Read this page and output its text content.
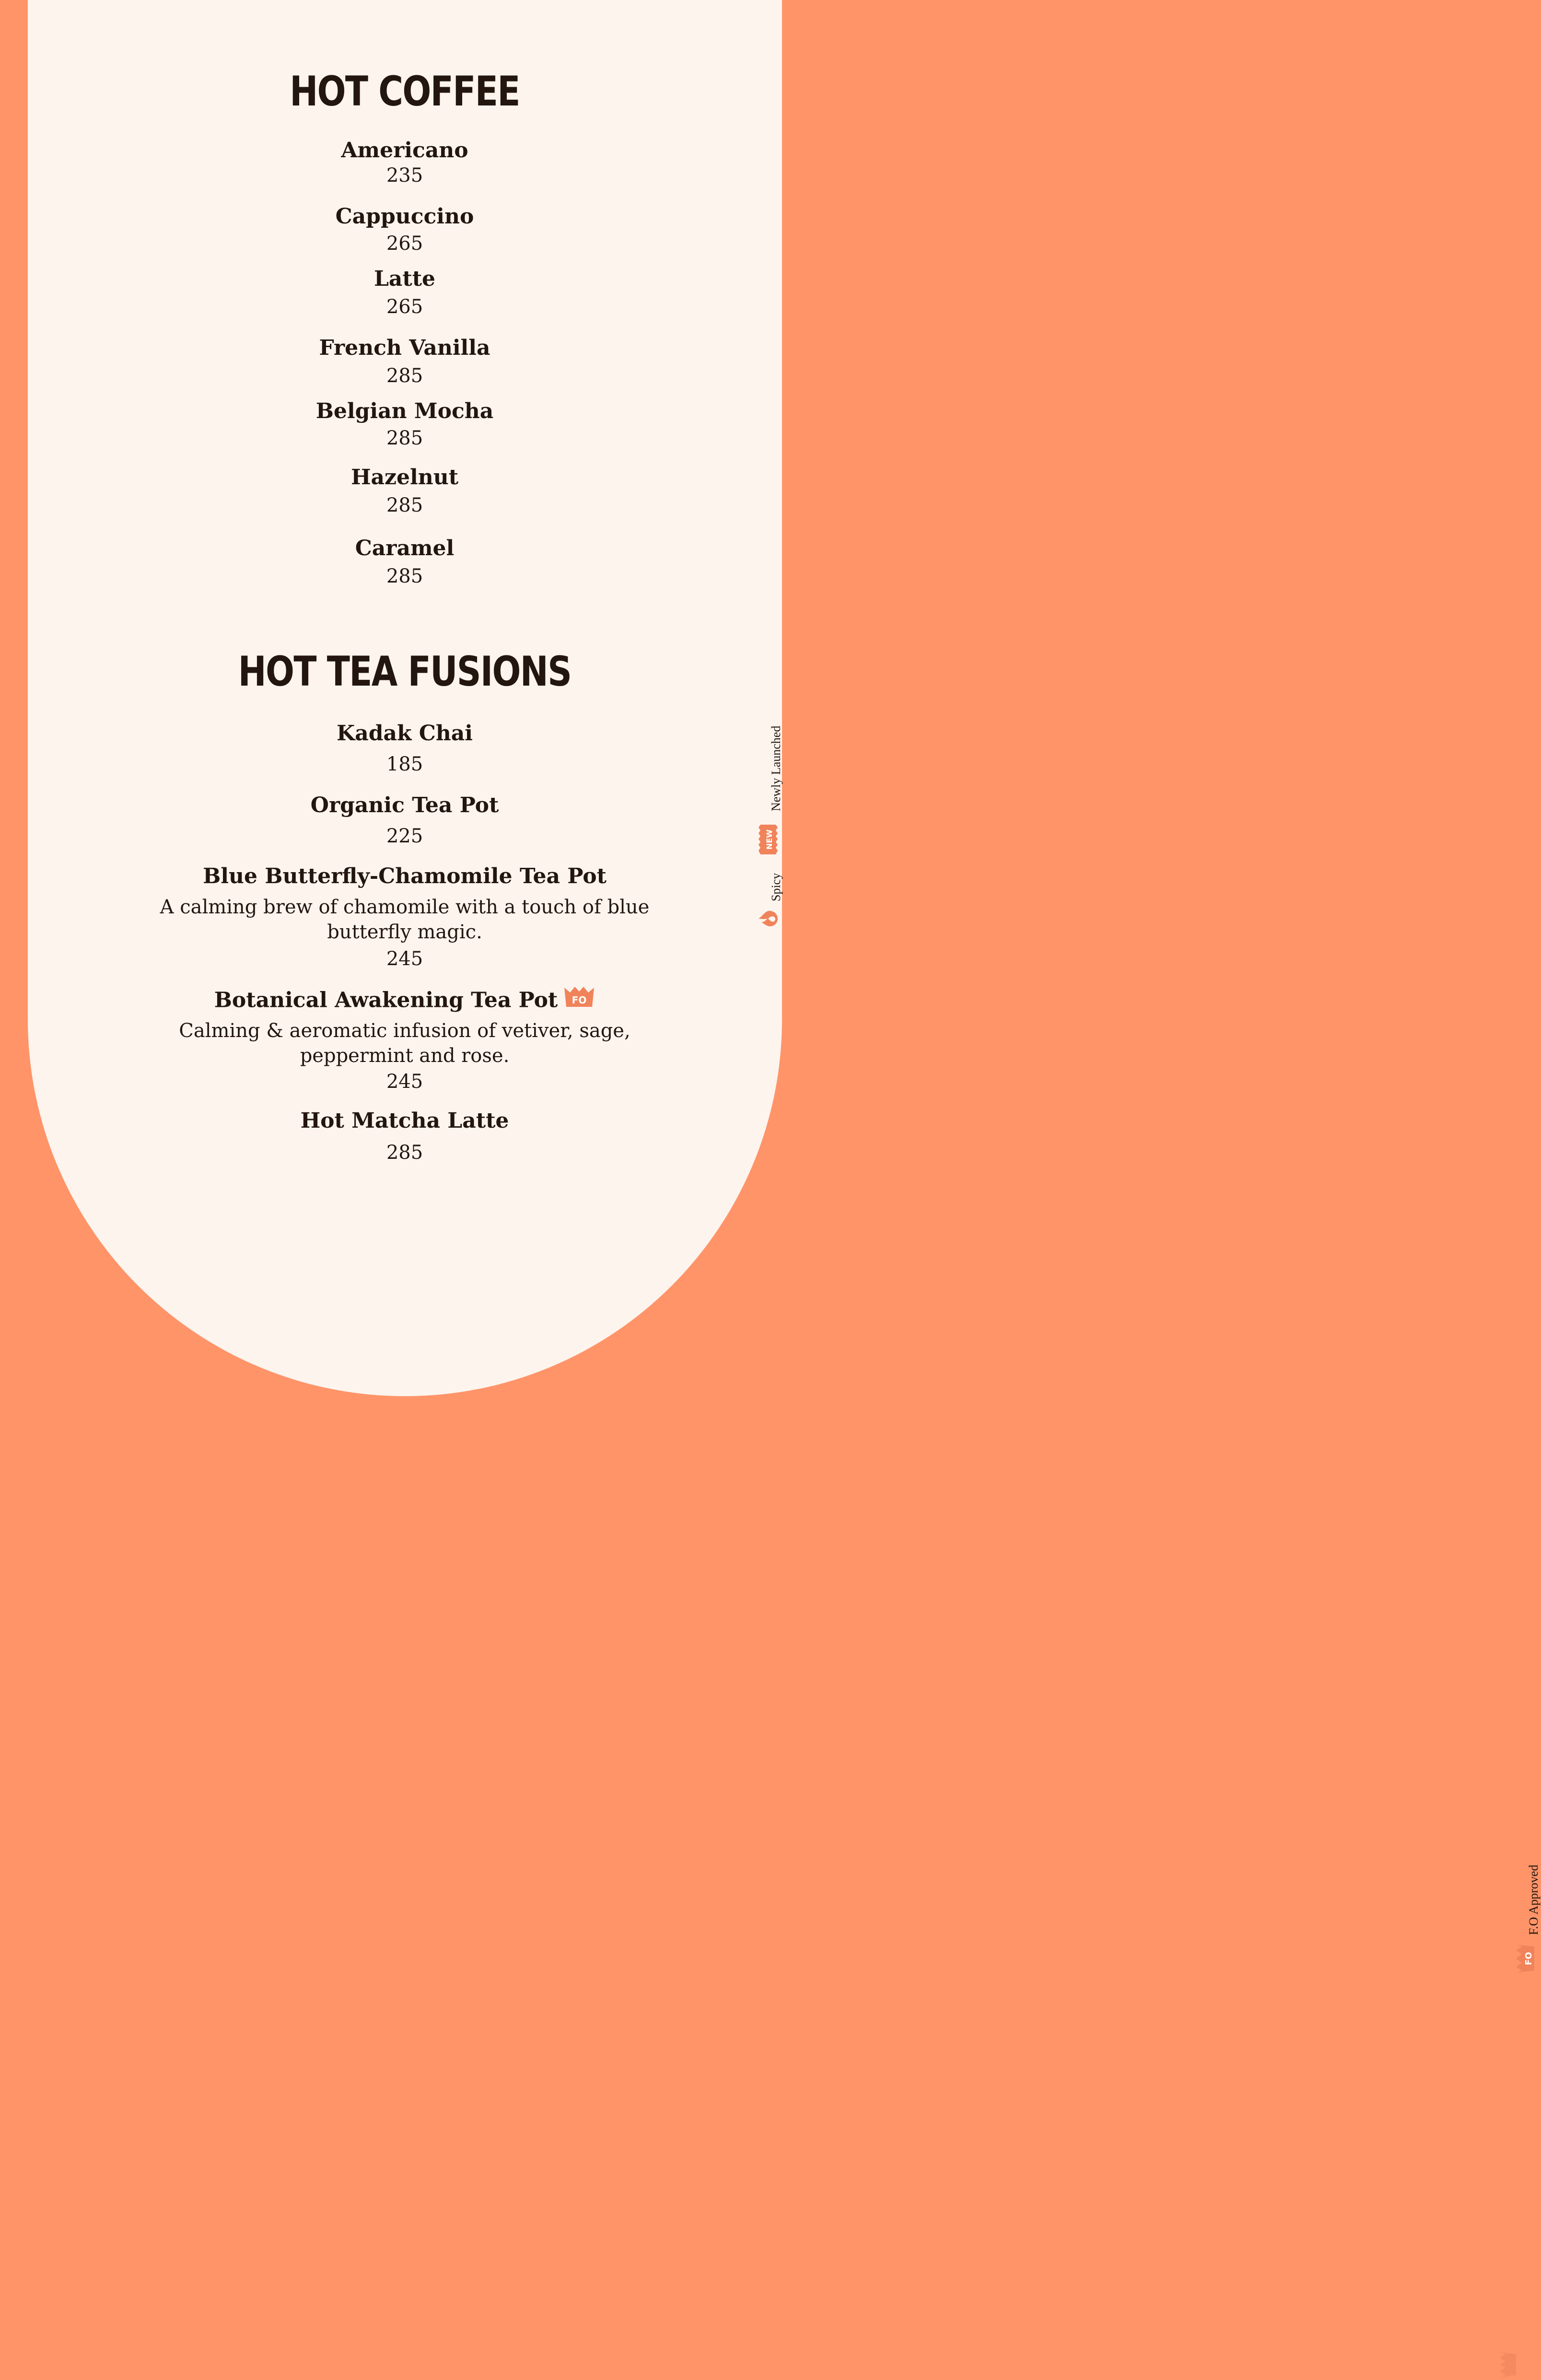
HOT COFFEE
Americano
235
Cappuccino
265
Latte
265
French Vanilla
285
Belgian Mocha
285
Hazelnut
285
Caramel
285
HOT TEA FUSIONS
Kadak Chai
185
Organic Tea Pot
225
Blue Butterfly-Chamomile Tea Pot
A calming brew of chamomile with a touch of blue
butterfly magic.
245
Botanical Awakening Tea Pot FO
Calming & aeromatic infusion of vetiver, sage,
peppermint and rose.
245
Hot Matcha Latte
285
Newly Launched
NEW
Spicy
F.O Approved
FO
